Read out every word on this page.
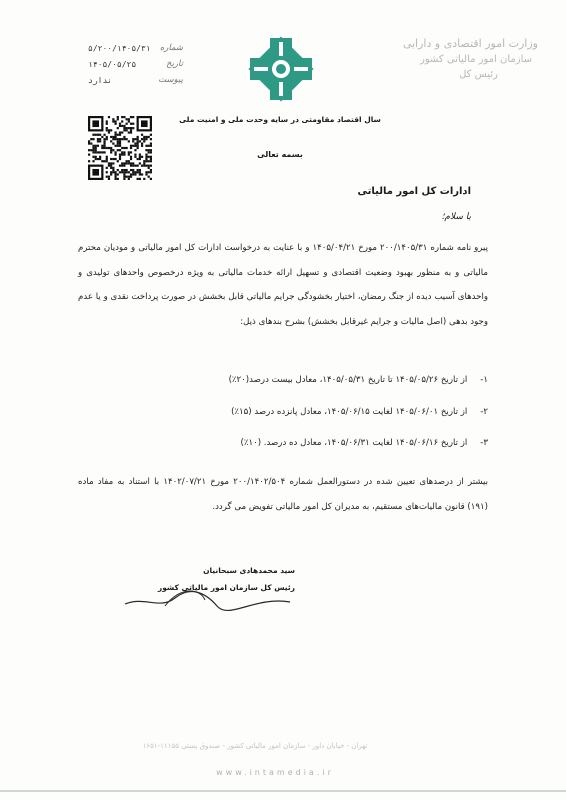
وزارت امور اقتصادی و دارایی
سازمان امور مالیاتی کشور
رئیس کل
شماره
۵/۲۰۰/۱۴۰۵/۳۱
تاریخ
۱۴۰۵/۰۵/۲۵
پیوست
ندارد
سال اقتصاد مقاومتی در سایه وحدت ملی و امنیت ملی
بسمه تعالی
ادارات کل امور مالیاتی
با سلام؛
پیرو نامه شماره ۲۰۰/۱۴۰۵/۳۱ مورخ ۱۴۰۵/۰۴/۲۱ و با عنایت به درخواست ادارات کل امور مالیاتی و مودیان محترم مالیاتی و به منظور بهبود وضعیت اقتصادی و تسهیل ارائه خدمات مالیاتی به ویژه درخصوص واحدهای تولیدی و واحدهای آسیب دیده از جنگ رمضان، اختیار بخشودگی جرایم مالیاتی قابل بخشش در صورت پرداخت نقدی و یا عدم وجود بدهی (اصل مالیات و جرایم غیرقابل بخشش) بشرح بندهای ذیل:
۱- از تاریخ ۱۴۰۵/۰۵/۲۶ تا تاریخ ۱۴۰۵/۰۵/۳۱، معادل بیست درصد(۲۰٪)
۲- از تاریخ ۱۴۰۵/۰۶/۰۱ لغایت ۱۴۰۵/۰۶/۱۵، معادل پانزده درصد (۱۵٪)
۳- از تاریخ ۱۴۰۵/۰۶/۱۶ لغایت ۱۴۰۵/۰۶/۳۱، معادل ده درصد. (۱۰٪)
بیشتر از درصدهای تعیین شده در دستورالعمل شماره ۲۰۰/۱۴۰۲/۵۰۴ مورخ ۱۴۰۲/۰۷/۲۱ با استناد به مفاد ماده (۱۹۱) قانون مالیات‌های مستقیم، به مدیران کل امور مالیاتی تفویض می گردد.
سید محمدهادی سبحانیان
رئیس کل سازمان امور مالیاتی کشور
تهران - خیابان داور - سازمان امور مالیاتی کشور - صندوق پستی ۱۱۱۵۵-۱۶۵۱
www.intamedia.ir
